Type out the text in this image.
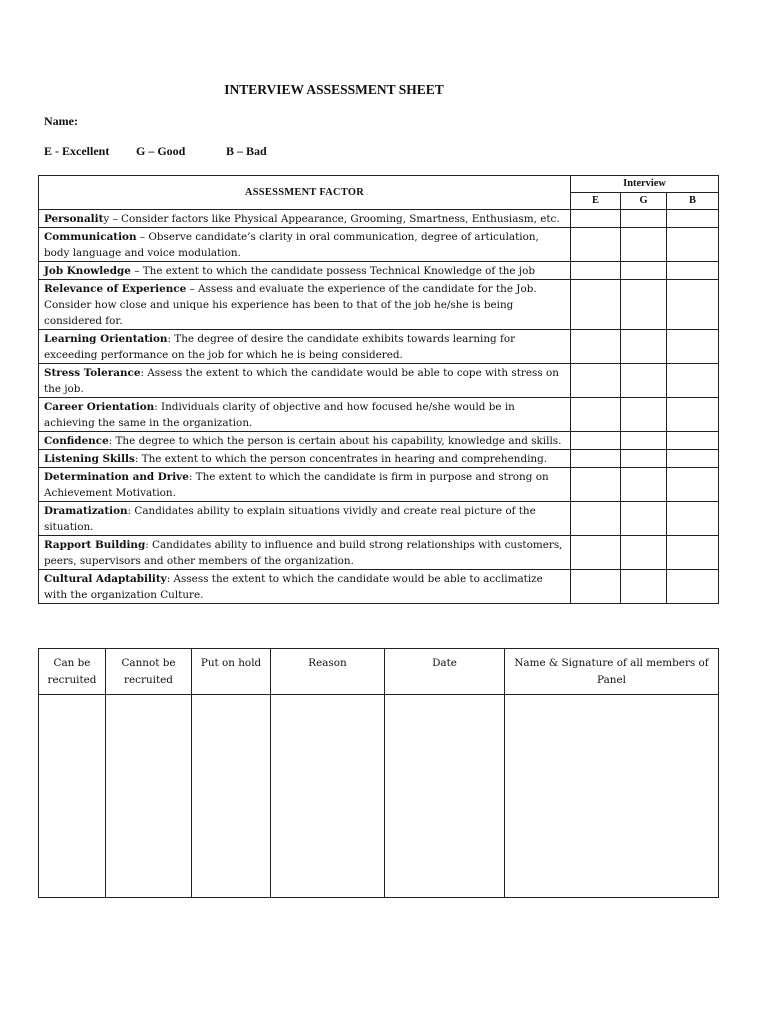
INTERVIEW ASSESSMENT SHEET
Name:
E - Excellent G – Good	B – Bad
ASSESSMENT FACTOR	Interview		
	E	G	B
Personality – Consider factors like Physical Appearance, Grooming, Smartness, Enthusiasm, etc.			
Communication – Observe candidate’s clarity in oral communication, degree of articulation, body language and voice modulation.			
Job Knowledge – The extent to which the candidate possess Technical Knowledge of the job			
Relevance of Experience – Assess and evaluate the experience of the candidate for the Job. Consider how close and unique his experience has been to that of the job he/she is being considered for.			
Learning Orientation: The degree of desire the candidate exhibits towards learning for exceeding performance on the job for which he is being considered.			
Stress Tolerance: Assess the extent to which the candidate would be able to cope with stress on the job.			
Career Orientation: Individuals clarity of objective and how focused he/she would be in achieving the same in the organization.			
Confidence: The degree to which the person is certain about his capability, knowledge and skills.			
Listening Skills: The extent to which the person concentrates in hearing and comprehending.			
Determination and Drive: The extent to which the candidate is firm in purpose and strong on Achievement Motivation.			
Dramatization: Candidates ability to explain situations vividly and create real picture of the situation.			
Rapport Building: Candidates ability to influence and build strong relationships with customers, peers, supervisors and other members of the organization.			
Cultural Adaptability: Assess the extent to which the candidate would be able to acclimatize with the organization Culture.			
Can be recruited	Cannot be recruited	Put on hold	Reason	Date	Name & Signature of all members of Panel
